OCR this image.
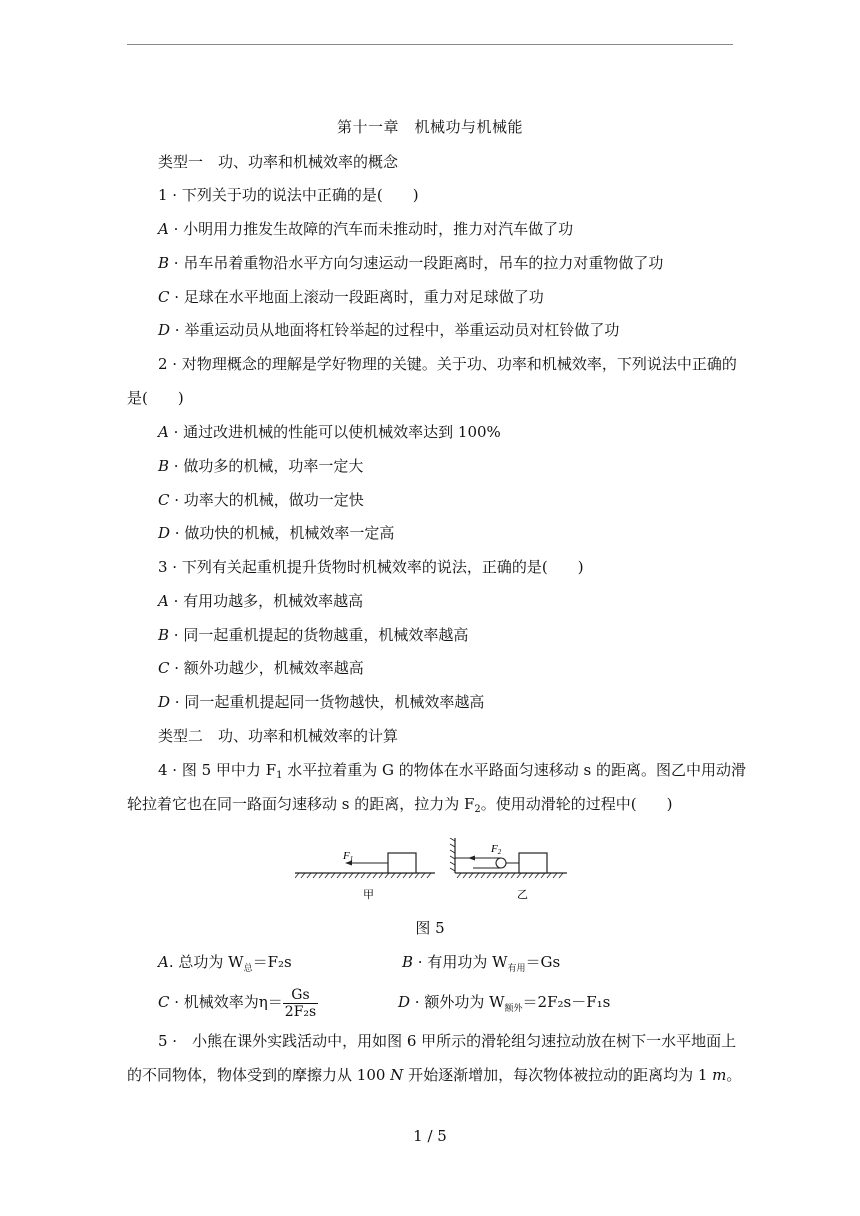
第十一章　机械功与机械能
类型一　功、功率和机械效率的概念
1 · 下列关于功的说法中正确的是(　　)
A · 小明用力推发生故障的汽车而未推动时，推力对汽车做了功
B · 吊车吊着重物沿水平方向匀速运动一段距离时，吊车的拉力对重物做了功
C · 足球在水平地面上滚动一段距离时，重力对足球做了功
D · 举重运动员从地面将杠铃举起的过程中，举重运动员对杠铃做了功
2 · 对物理概念的理解是学好物理的关键。关于功、功率和机械效率，下列说法中正确的
是(　　)
A · 通过改进机械的性能可以使机械效率达到 100%
B · 做功多的机械，功率一定大
C · 功率大的机械，做功一定快
D · 做功快的机械，机械效率一定高
3 · 下列有关起重机提升货物时机械效率的说法，正确的是(　　)
A · 有用功越多，机械效率越高
B · 同一起重机提起的货物越重，机械效率越高
C · 额外功越少，机械效率越高
D · 同一起重机提起同一货物越快，机械效率越高
类型二　功、功率和机械效率的计算
4 · 图 5 甲中力 $F_1$ 水平拉着重为 G 的物体在水平路面匀速移动 s 的距离。图乙中用动滑
轮拉着它也在同一路面匀速移动 s 的距离，拉力为 $F_2$。使用动滑轮的过程中(　　)
F1
F2
甲	乙
图 5
A. 总功为 $W_总=F_2s$	B · 有用功为 $W_{有用}=Gs$
C · 机械效率为$\eta= \frac{Gs}{\text{2F₂s}}$	D · 额外功为 $W_{额外}=2F_2s-F_1s$
5 ·　小熊在课外实践活动中，用如图 6 甲所示的滑轮组匀速拉动放在树下一水平地面上
的不同物体，物体受到的摩擦力从 100 N 开始逐渐增加，每次物体被拉动的距离均为 1 m。
1 / 5
